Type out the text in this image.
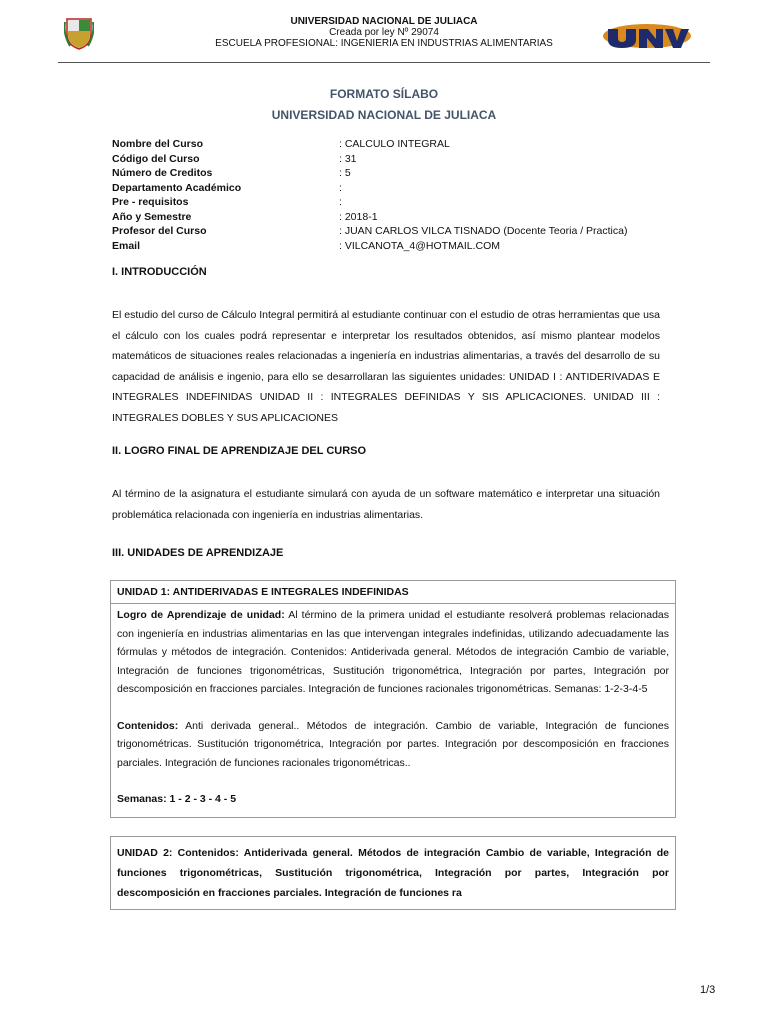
UNIVERSIDAD NACIONAL DE JULIACA
Creada por ley Nº 29074
ESCUELA PROFESIONAL: INGENIERIA EN INDUSTRIAS ALIMENTARIAS
FORMATO SÍLABO
UNIVERSIDAD NACIONAL DE JULIACA
Nombre del Curso	: CALCULO INTEGRAL
Código del Curso	: 31
Número de Creditos	: 5
Departamento Académico	:
Pre - requisitos	:
Año y Semestre	: 2018-1
Profesor del Curso	: JUAN CARLOS VILCA TISNADO (Docente Teoria / Practica)
Email	: VILCANOTA_4@HOTMAIL.COM
I. INTRODUCCIÓN
El estudio del curso de Cálculo Integral permitirá al estudiante continuar con el estudio de otras herramientas que usa el cálculo con los cuales podrá representar e interpretar los resultados obtenidos, así mismo plantear modelos matemáticos de situaciones reales relacionadas a ingeniería en industrias alimentarias, a través del desarrollo de su capacidad de análisis e ingenio, para ello se desarrollaran las siguientes unidades: UNIDAD I : ANTIDERIVADAS E INTEGRALES INDEFINIDAS UNIDAD II : INTEGRALES DEFINIDAS Y SIS APLICACIONES. UNIDAD III : INTEGRALES DOBLES Y SUS APLICACIONES
II. LOGRO FINAL DE APRENDIZAJE DEL CURSO
Al término de la asignatura el estudiante simulará con ayuda de un software matemático e interpretar una situación problemática relacionada con ingeniería en industrias alimentarias.
III. UNIDADES DE APRENDIZAJE
UNIDAD 1: ANTIDERIVADAS E INTEGRALES INDEFINIDAS

Logro de Aprendizaje de unidad: Al término de la primera unidad el estudiante resolverá problemas relacionadas con ingeniería en industrias alimentarias en las que intervengan integrales indefinidas, utilizando adecuadamente las fórmulas y métodos de integración. Contenidos: Antiderivada general. Métodos de integración Cambio de variable, Integración de funciones trigonométricas, Sustitución trigonométrica, Integración por partes, Integración por descomposición en fracciones parciales. Integración de funciones racionales trigonométricas. Semanas: 1-2-3-4-5

Contenidos: Anti derivada general.. Métodos de integración. Cambio de variable, Integración de funciones trigonométricas. Sustitución trigonométrica, Integración por partes. Integración por descomposición en fracciones parciales. Integración de funciones racionales trigonométricas..

Semanas: 1 - 2 - 3 - 4 - 5

UNIDAD 2: Contenidos: Antiderivada general. Métodos de integración Cambio de variable, Integración de funciones trigonométricas, Sustitución trigonométrica, Integración por partes, Integración por descomposición en fracciones parciales. Integración de funciones ra
1/3
